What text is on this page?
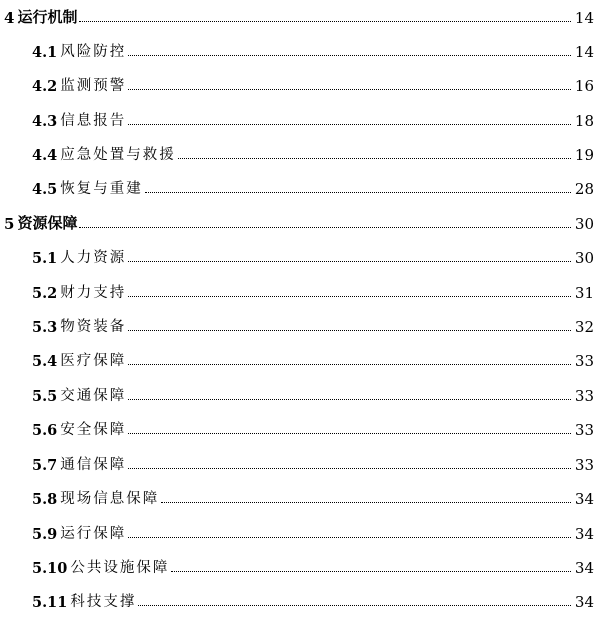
4 运行机制	14
4.1 风险防控	14
4.2 监测预警	16
4.3 信息报告	18
4.4 应急处置与救援	19
4.5 恢复与重建	28
5 资源保障	30
5.1 人力资源	30
5.2 财力支持	31
5.3 物资装备	32
5.4 医疗保障	33
5.5 交通保障	33
5.6 安全保障	33
5.7 通信保障	33
5.8 现场信息保障	34
5.9 运行保障	34
5.10 公共设施保障	34
5.11 科技支撑	34
